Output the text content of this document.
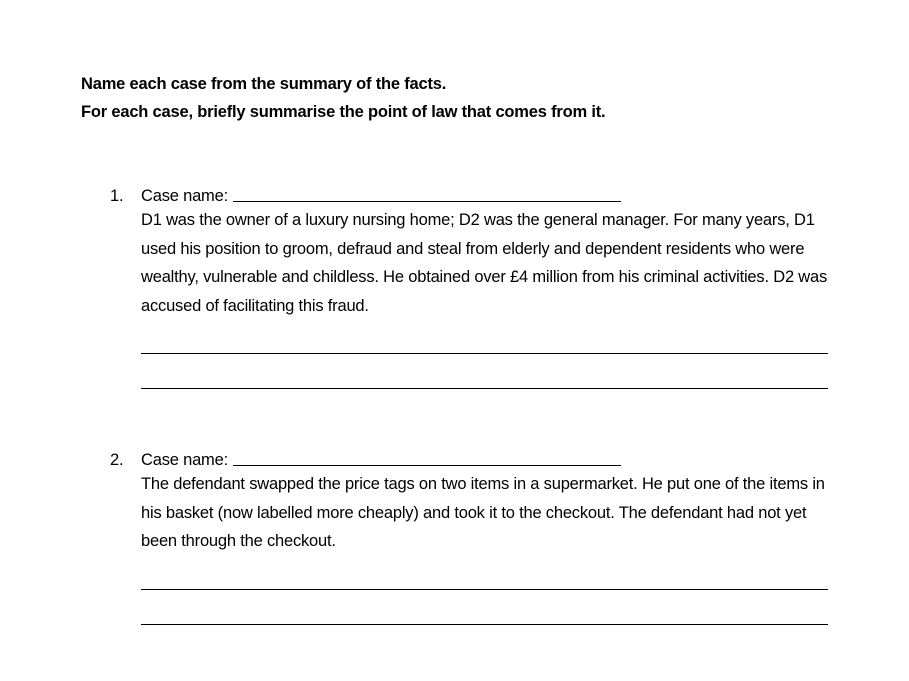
Name each case from the summary of the facts.
For each case, briefly summarise the point of law that comes from it.
1.	Case name:
D1 was the owner of a luxury nursing home; D2 was the general manager. For many years, D1 used his position to groom, defraud and steal from elderly and dependent residents who were wealthy, vulnerable and childless. He obtained over £4 million from his criminal activities. D2 was accused of facilitating this fraud.
2.	Case name:
The defendant swapped the price tags on two items in a supermarket. He put one of the items in his basket (now labelled more cheaply) and took it to the checkout. The defendant had not yet been through the checkout.
